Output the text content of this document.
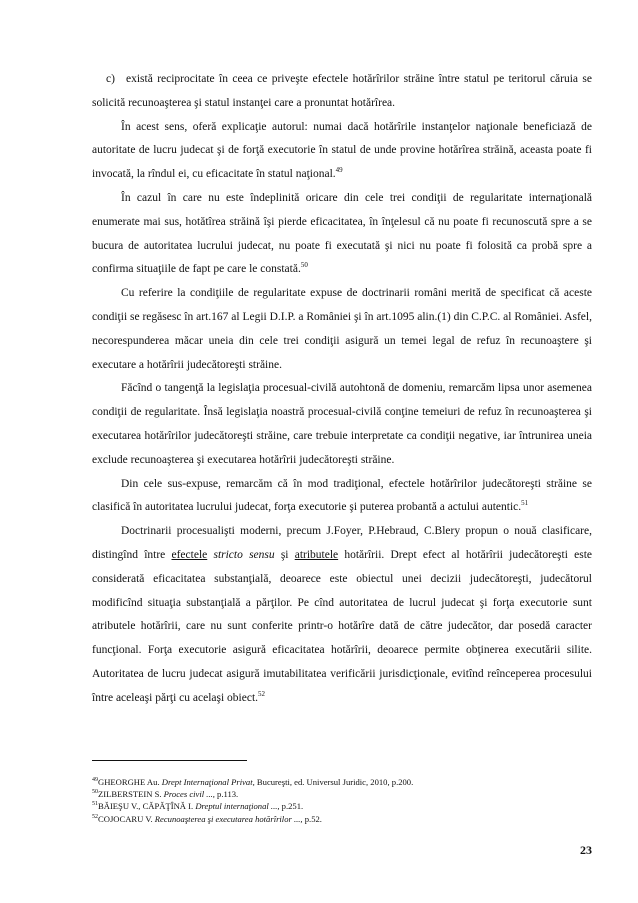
c) există reciprocitate în ceea ce priveşte efectele hotărîrilor străine între statul pe teritorul căruia se solicită recunoaşterea şi statul instanţei care a pronuntat hotărîrea.

În acest sens, oferă explicaţie autorul: numai dacă hotărîrile instanţelor naţionale beneficiază de autoritate de lucru judecat şi de forţă executorie în statul de unde provine hotărîrea străină, aceasta poate fi invocată, la rîndul ei, cu eficacitate în statul naţional.$^{49}$

În cazul în care nu este îndeplinită oricare din cele trei condiţii de regularitate internaţională enumerate mai sus, hotătîrea străină îşi pierde eficacitatea, în înţelesul că nu poate fi recunoscută spre a se bucura de autoritatea lucrului judecat, nu poate fi executată şi nici nu poate fi folosită ca probă spre a confirma situaţiile de fapt pe care le constată.$^{50}$

Cu referire la condiţiile de regularitate expuse de doctrinarii români merită de specificat că aceste condiţii se regăsesc în art.167 al Legii D.I.P. a României şi în art.1095 alin.(1) din C.P.C. al României. Asfel, necorespunderea măcar uneia din cele trei condiţii asigură un temei legal de refuz în recunoaştere şi executare a hotărîrii judecătoreşti străine.

Făcînd o tangenţă la legislaţia procesual-civilă autohtonă de domeniu, remarcăm lipsa unor asemenea condiţii de regularitate. Însă legislaţia noastră procesual-civilă conţine temeiuri de refuz în recunoaşterea şi executarea hotărîrilor judecătoreşti străine, care trebuie interpretate ca condiţii negative, iar întrunirea uneia exclude recunoaşterea şi executarea hotărîrii judecătoreşti străine.

Din cele sus-expuse, remarcăm că în mod tradiţional, efectele hotărîrilor judecătoreşti străine se clasifică în autoritatea lucrului judecat, forţa executorie şi puterea probantă a actului autentic.$^{51}$

Doctrinarii procesualişti moderni, precum J.Foyer, P.Hebraud, C.Blery propun o nouă clasificare, distingînd între efectele stricto sensu şi atributele hotărîrii. Drept efect al hotărîrii judecătoreşti este considerată eficacitatea substanţială, deoarece este obiectul unei decizii judecătoreşti, judecătorul modificînd situaţia substanţială a părţilor. Pe cînd autoritatea de lucrul judecat şi forţa executorie sunt atributele hotărîrii, care nu sunt conferite printr-o hotărîre dată de către judecător, dar posedă caracter funcţional. Forţa executorie asigură eficacitatea hotărîrii, deoarece permite obţinerea executării silite. Autoritatea de lucru judecat asigură imutabilitatea verificării jurisdicţionale, evitînd reînceperea procesului între aceleaşi părţi cu acelaşi obiect.$^{52}$

$^{49}$GHEORGHE Au. Drept Internaţional Privat, Bucureşti, ed. Universul Juridic, 2010, p.200.
$^{50}$ZILBERSTEIN S. Proces civil ..., p.113.
$^{51}$BĂIEŞU V., CĂPĂŢÎNĂ I. Dreptul internaţional ..., p.251.
$^{52}$COJOCARU V. Recunoaşterea şi executarea hotărîrilor ..., p.52.
23
